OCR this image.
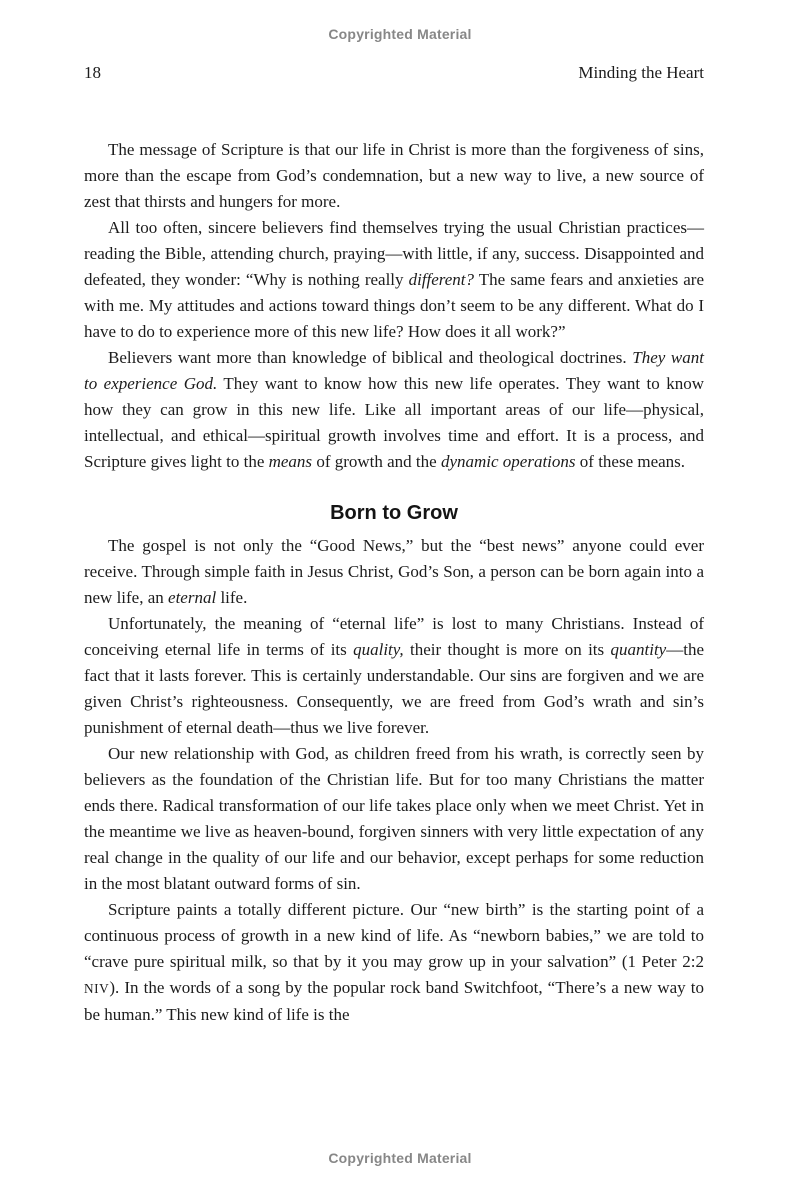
Copyrighted Material
18	Minding the Heart

The message of Scripture is that our life in Christ is more than the forgiveness of sins, more than the escape from God’s condemnation, but a new way to live, a new source of zest that thirsts and hungers for more.

All too often, sincere believers find themselves trying the usual Christian practices—reading the Bible, attending church, praying—with little, if any, success. Disappointed and defeated, they wonder: “Why is nothing really different? The same fears and anxieties are with me. My attitudes and actions toward things don’t seem to be any different. What do I have to do to experience more of this new life? How does it all work?”

Believers want more than knowledge of biblical and theological doctrines. They want to experience God. They want to know how this new life operates. They want to know how they can grow in this new life. Like all important areas of our life—physical, intellectual, and ethical—spiritual growth involves time and effort. It is a process, and Scripture gives light to the means of growth and the dynamic operations of these means.

Born to Grow

The gospel is not only the “Good News,” but the “best news” anyone could ever receive. Through simple faith in Jesus Christ, God’s Son, a person can be born again into a new life, an eternal life.

Unfortunately, the meaning of “eternal life” is lost to many Christians. Instead of conceiving eternal life in terms of its quality, their thought is more on its quantity—the fact that it lasts forever. This is certainly understandable. Our sins are forgiven and we are given Christ’s righteousness. Consequently, we are freed from God’s wrath and sin’s punishment of eternal death—thus we live forever.

Our new relationship with God, as children freed from his wrath, is correctly seen by believers as the foundation of the Christian life. But for too many Christians the matter ends there. Radical transformation of our life takes place only when we meet Christ. Yet in the meantime we live as heaven-bound, forgiven sinners with very little expectation of any real change in the quality of our life and our behavior, except perhaps for some reduction in the most blatant outward forms of sin.

Scripture paints a totally different picture. Our “new birth” is the starting point of a continuous process of growth in a new kind of life. As “newborn babies,” we are told to “crave pure spiritual milk, so that by it you may grow up in your salvation” (1 Peter 2:2 NIV). In the words of a song by the popular rock band Switchfoot, “There’s a new way to be human.” This new kind of life is the

Copyrighted Material
